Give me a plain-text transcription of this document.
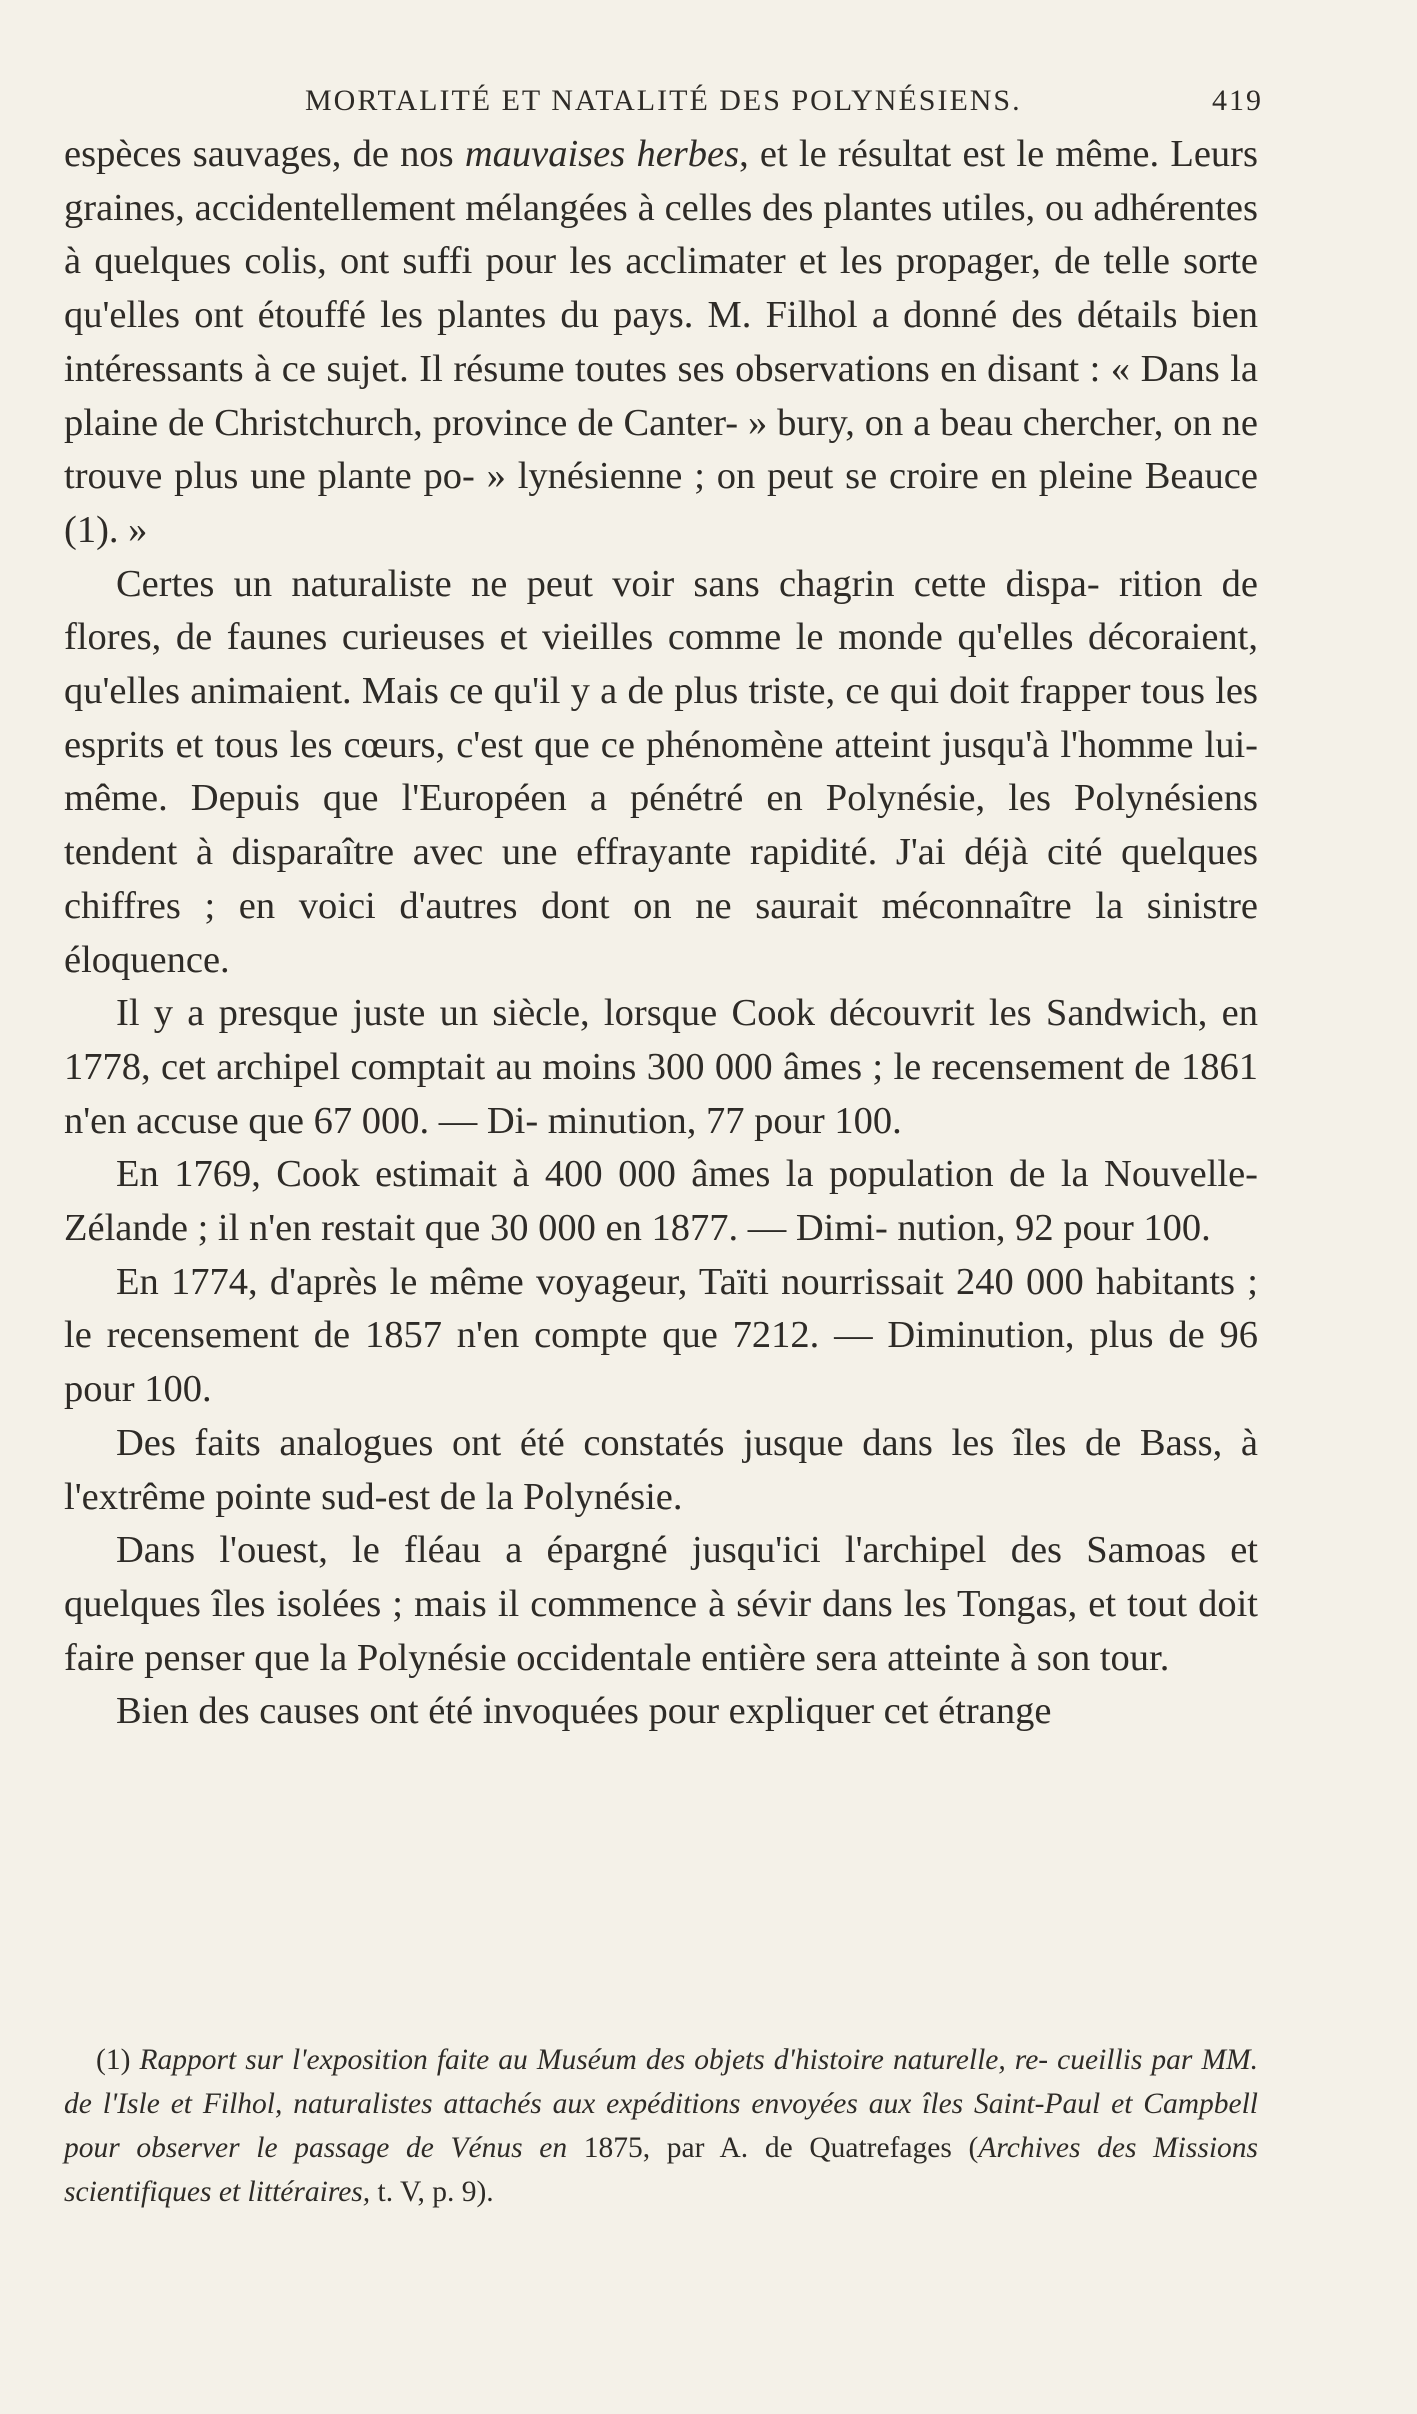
MORTALITÉ ET NATALITÉ DES POLYNÉSIENS.	419

espèces sauvages, de nos mauvaises herbes, et le résultat est le même. Leurs graines, accidentellement mélangées à celles des plantes utiles, ou adhérentes à quelques colis, ont suffi pour les acclimater et les propager, de telle sorte qu'elles ont étouffé les plantes du pays. M. Filhol a donné des détails bien intéressants à ce sujet. Il résume toutes ses observations en disant : « Dans la plaine de Christchurch, province de Canter- » bury, on a beau chercher, on ne trouve plus une plante po- » lynésienne ; on peut se croire en pleine Beauce (1). »

Certes un naturaliste ne peut voir sans chagrin cette dispa- rition de flores, de faunes curieuses et vieilles comme le monde qu'elles décoraient, qu'elles animaient. Mais ce qu'il y a de plus triste, ce qui doit frapper tous les esprits et tous les cœurs, c'est que ce phénomène atteint jusqu'à l'homme lui-même. Depuis que l'Européen a pénétré en Polynésie, les Polynésiens tendent à disparaître avec une effrayante rapidité. J'ai déjà cité quelques chiffres ; en voici d'autres dont on ne saurait méconnaître la sinistre éloquence.

Il y a presque juste un siècle, lorsque Cook découvrit les Sandwich, en 1778, cet archipel comptait au moins 300 000 âmes ; le recensement de 1861 n'en accuse que 67 000. — Di- minution, 77 pour 100.

En 1769, Cook estimait à 400 000 âmes la population de la Nouvelle-Zélande ; il n'en restait que 30 000 en 1877. — Dimi- nution, 92 pour 100.

En 1774, d'après le même voyageur, Taïti nourrissait 240 000 habitants ; le recensement de 1857 n'en compte que 7212. — Diminution, plus de 96 pour 100.

Des faits analogues ont été constatés jusque dans les îles de Bass, à l'extrême pointe sud-est de la Polynésie.

Dans l'ouest, le fléau a épargné jusqu'ici l'archipel des Samoas et quelques îles isolées ; mais il commence à sévir dans les Tongas, et tout doit faire penser que la Polynésie occidentale entière sera atteinte à son tour.

Bien des causes ont été invoquées pour expliquer cet étrange

(1) Rapport sur l'exposition faite au Muséum des objets d'histoire naturelle, re- cueillis par MM. de l'Isle et Filhol, naturalistes attachés aux expéditions envoyées aux îles Saint-Paul et Campbell pour observer le passage de Vénus en 1875, par A. de Quatrefages (Archives des Missions scientifiques et littéraires, t. V, p. 9).
